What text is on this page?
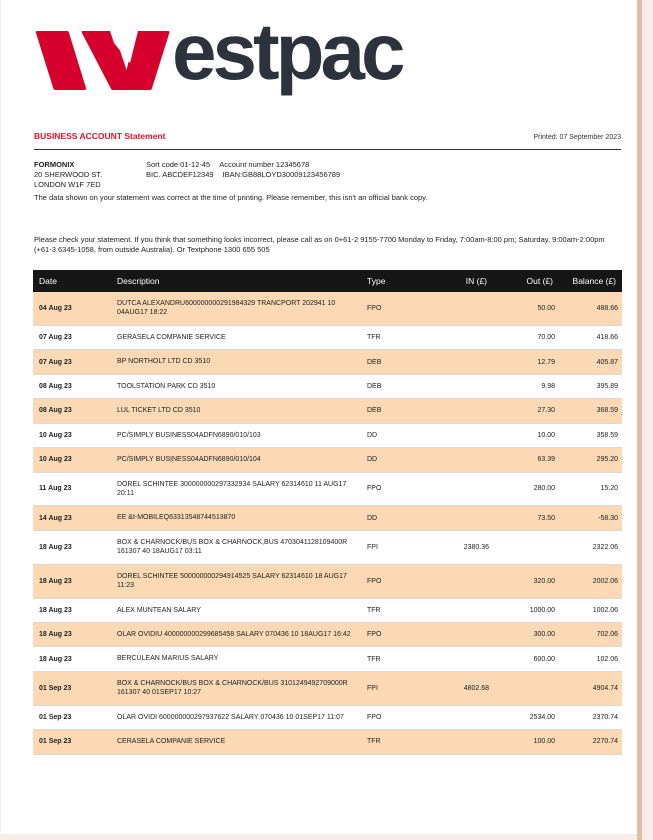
estpac
BUSINESS ACCOUNT Statement	Printed: 07 September 2023
FORMONIX
20 SHERWOOD ST.
LONDON W1F 7ED
Sort code 01-12-45 Account number 12345678
BIC. ABCDEF12349 IBAN:GB88LOYD30009123456789

The data shown on your statement was correct at the time of printing. Please remember, this isn't an official bank copy.

Please check your statement. If you think that something looks incorrect, please call as on 0+61-2 9155-7700 Monday to Friday, 7:00am-8:00 pm; Saturday, 9:00am-2:00pm (+61-3 6345-1058, from outside Australia). Or Textphone 1300 655 505

Date	Description	Type	IN (£)	Out (£)	Balance (£)
04 Aug 23	DUTCA ALEXANDRU600000000291984329 TRANCPORT 202941 10 04AUG17 18:22	FPO		50.00	488.66
07 Aug 23	GERASELA COMPANIE SERVICE	TFR		70.00	418.66
07 Aug 23	BP NORTHOLT LTD CD 3510	DEB		12.79	405.87
08 Aug 23	TOOLSTATION PARK CD 3510	DEB		9.98	395.89
08 Aug 23	LUL TICKET LTD CD 3510	DEB		27.30	368.59
10 Aug 23	PC/SIMPLY BUSINESS04ADFN6890/010/103	DD		10.00	358.59
10 Aug 23	PC/SIMPLY BUSINESS04ADFN6890/010/104	DD		63.39	295.20
11 Aug 23	DOREL SCHINTEE 300000000297332934 SALARY 62314610 11 AUG17 20:11	FPO		280.00	15.20
14 Aug 23	EE &t-MOBILEQ63313548744513870	DD		73.50	-58.30
18 Aug 23	BOX & CHARNOCK/BUS BOX & CHARNOCK,BUS 4703041128109400R 161307 40 18AUG17 03:11	FPI	2380.36		2322.06
18 Aug 23	DOREL SCHINTEE 500000000294914525 SALARY 62314610 18 AUG17 11:23	FPO		320.00	2002.06
18 Aug 23	ALEX MUNTEAN SALARY	TFR		1000.00	1002.06
18 Aug 23	OLAR OVIDIU 400000000299685458 SALARY 070436 10 18AUG17 16:42	FPO		300.00	702.06
18 Aug 23	BERCULEAN MARIUS SALARY	TFR		600.00	102.06
01 Sep 23	BOX & CHARNOCK/BUS BOX & CHARNOCK/BUS 3101249492709000R 161307 40 01SEP17 10:27	FPI	4802.68		4904.74
01 Sep 23	OLAR OVIDI 600000000297937622 SALARY 070436 10 01SEP17 11:07	FPO		2534.00	2370.74
01 Sep 23	CERASELA COMPANIE SERVICE	TFR		100.00	2270.74
